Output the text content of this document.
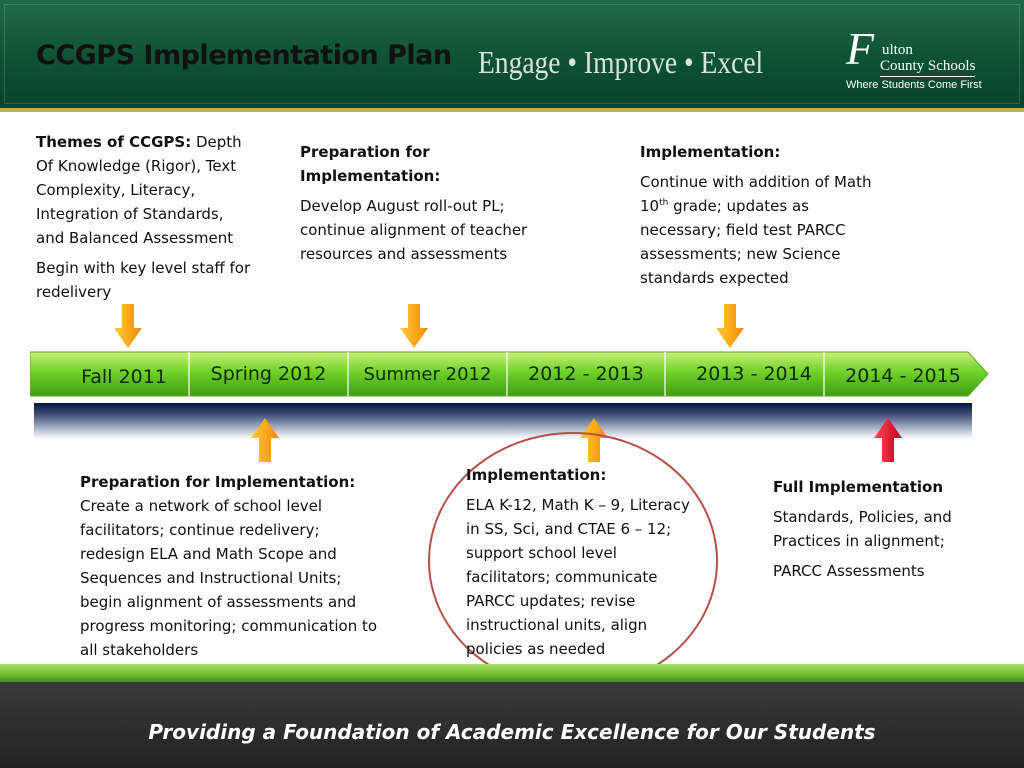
CCGPS Implementation Plan Engage • Improve • Excel F ulton
County Schools
Where Students Come First

Themes of CCGPS: Depth Of Knowledge (Rigor), Text Complexity, Literacy, Integration of Standards, and Balanced Assessment

Begin with key level staff for redelivery

Preparation for Implementation:

Develop August roll-out PL; continue alignment of teacher resources and assessments

Implementation:

Continue with addition of Math 10th grade; updates as necessary; field test PARCC assessments; new Science standards expected

Fall 2011	Spring 2012	Summer 2012	2012 - 2013	2013 - 2014	2014 - 2015
Preparation for Implementation:
Create a network of school level facilitators; continue redelivery; redesign ELA and Math Scope and Sequences and Instructional Units; begin alignment of assessments and progress monitoring; communication to all stakeholders

Implementation:

ELA K-12, Math K – 9, Literacy in SS, Sci, and CTAE 6 – 12; support school level facilitators; communicate PARCC updates; revise instructional units, align policies as needed

Full Implementation

Standards, Policies, and Practices in alignment;

PARCC Assessments

Providing a Foundation of Academic Excellence for Our Students
